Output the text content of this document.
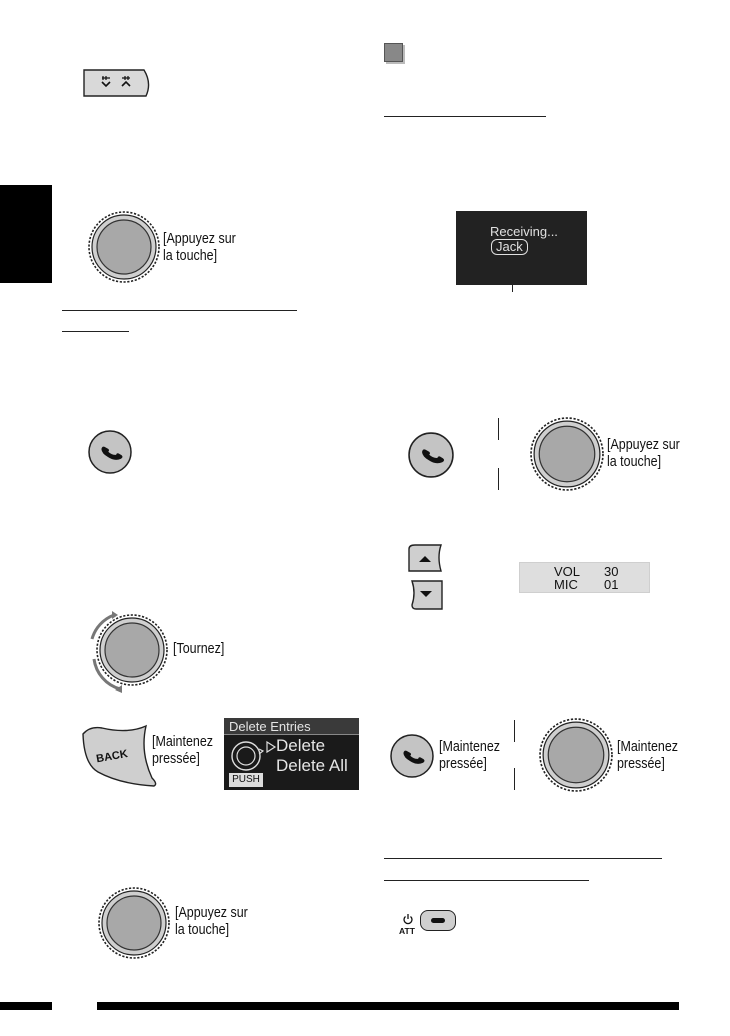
[Appuyez sur
la touche]
[Tournez]
BACK
[Maintenez
pressée]
Delete Entries
PUSH
Delete
Delete All
[Appuyez sur
la touche]
Receiving...
Jack
[Appuyez sur
la touche]
VOL 30
MIC 01
[Maintenez
pressée]
[Maintenez
pressée]
ATT
